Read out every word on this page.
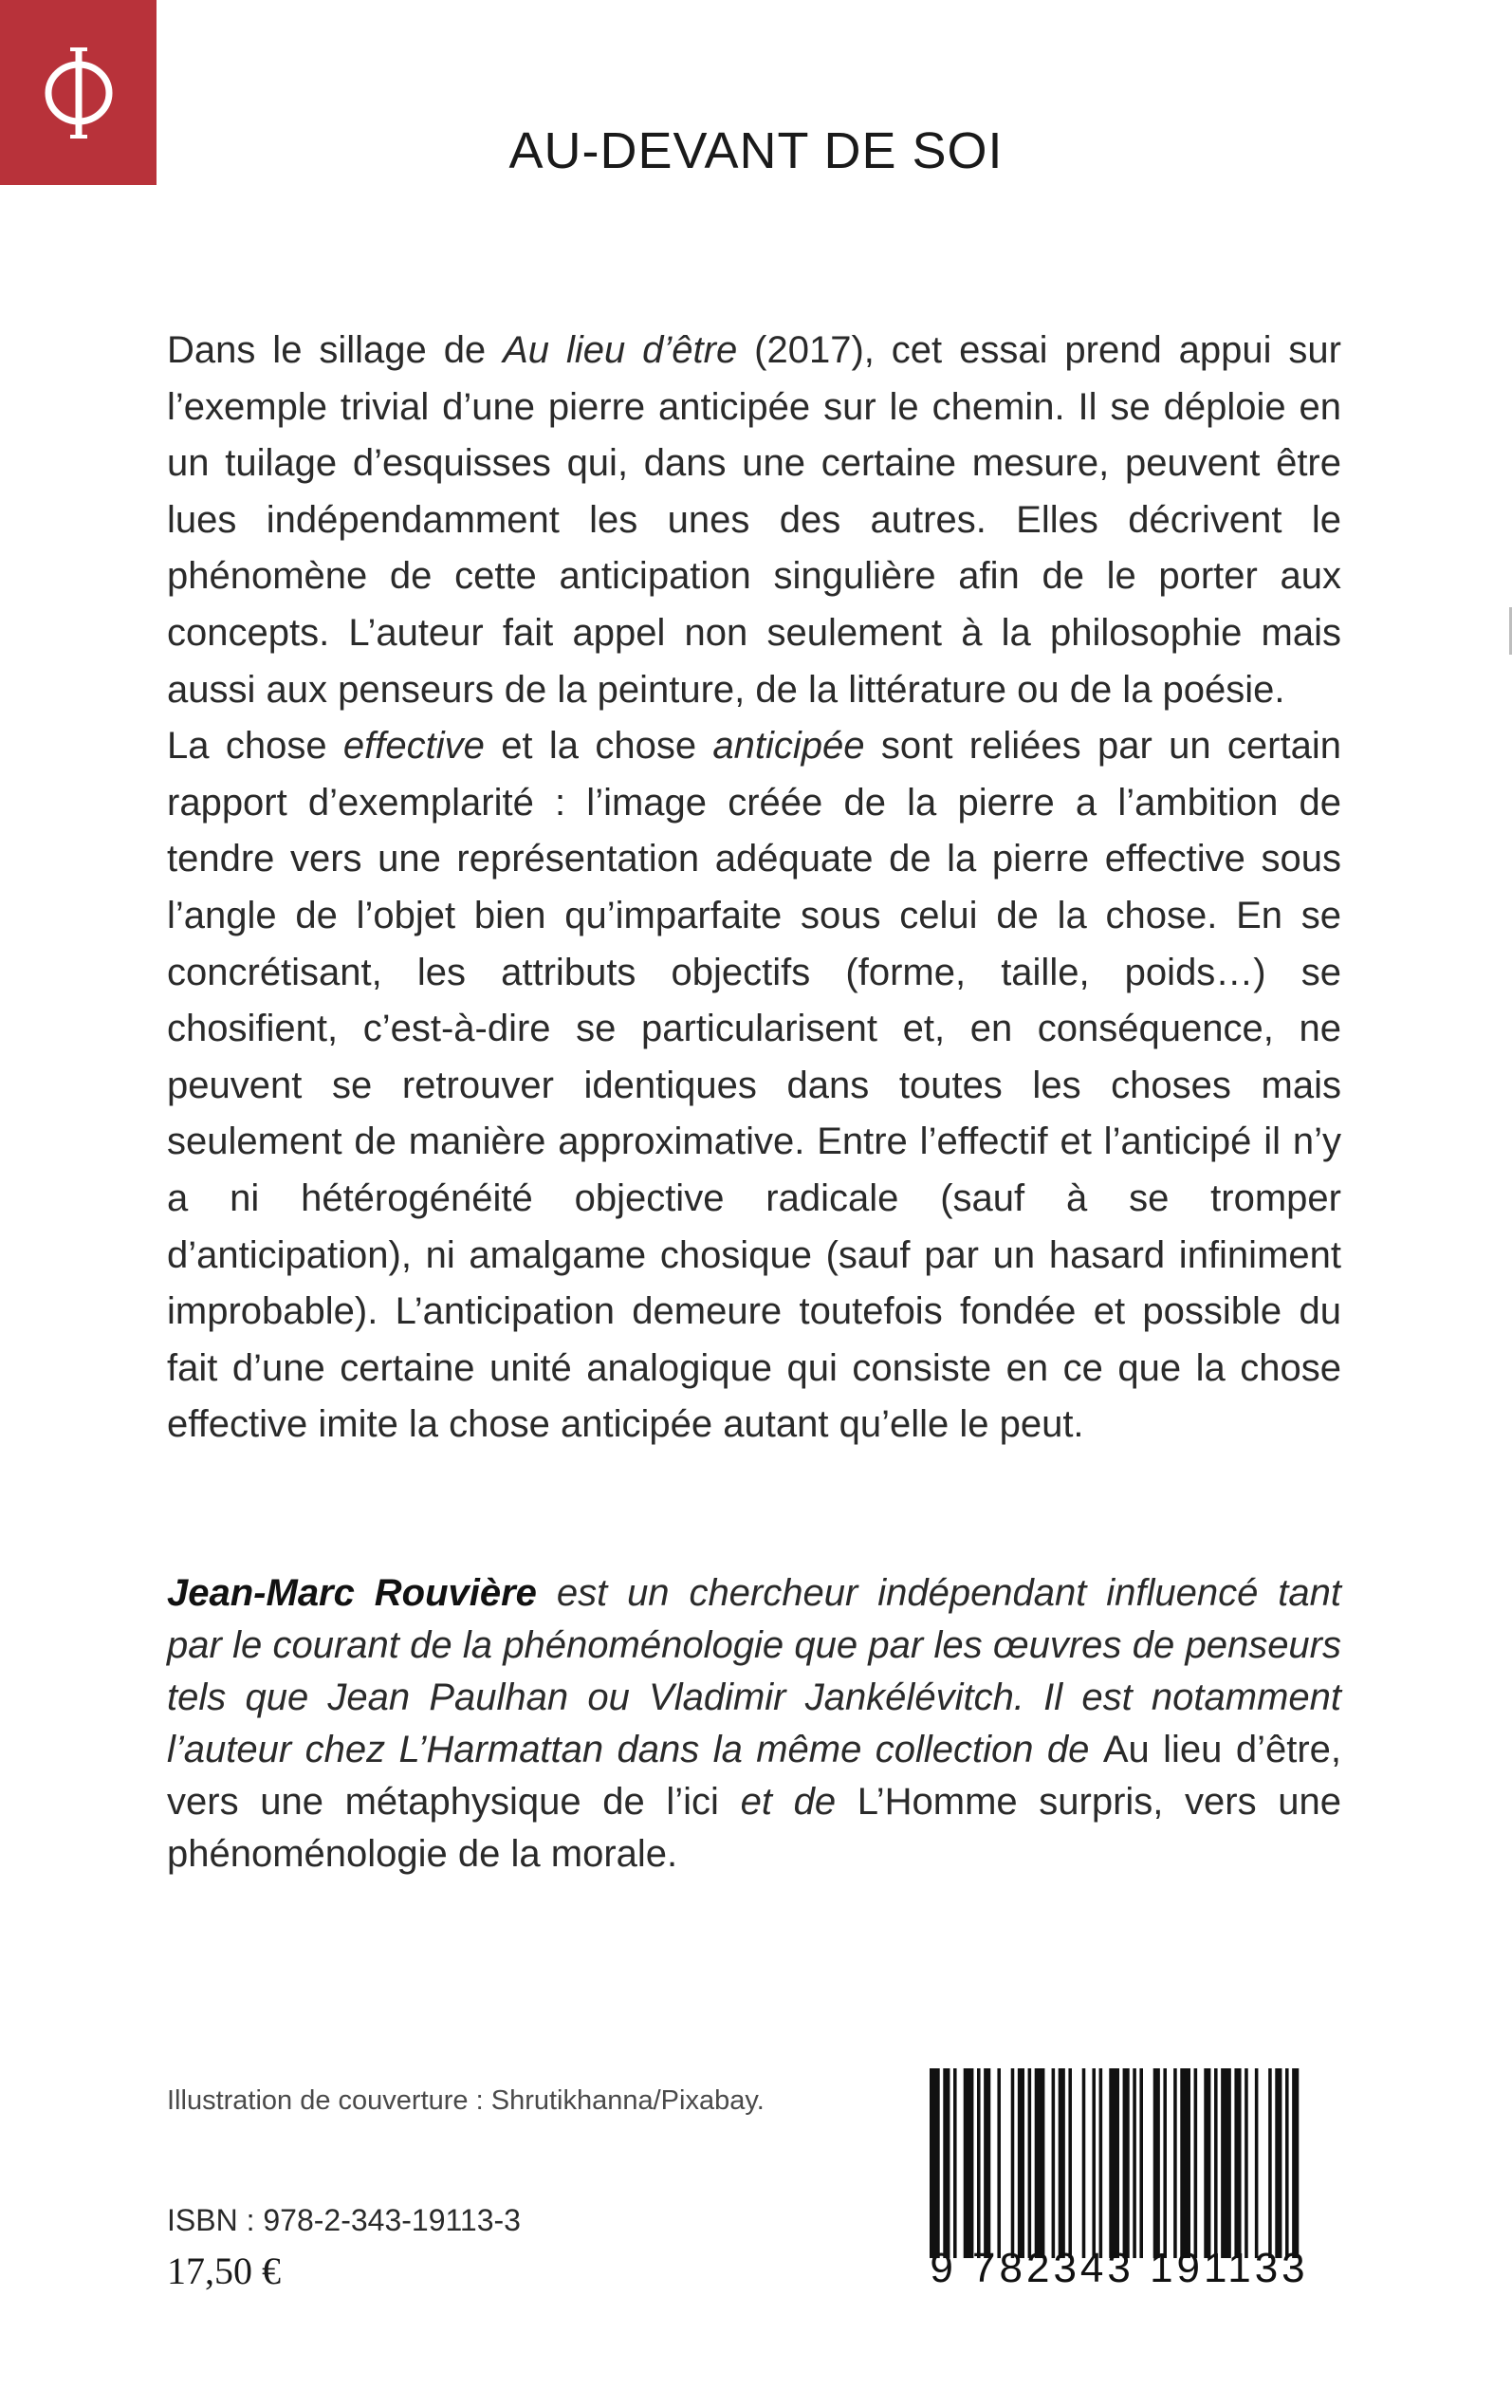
AU-DEVANT DE SOI

Dans le sillage de Au lieu d’être (2017), cet essai prend appui sur l’exemple trivial d’une pierre anticipée sur le chemin. Il se déploie en un tuilage d’esquisses qui, dans une certaine mesure, peuvent être lues indépendamment les unes des autres. Elles décrivent le phénomène de cette anticipation singulière afin de le porter aux concepts. L’auteur fait appel non seulement à la philosophie mais aussi aux penseurs de la peinture, de la littérature ou de la poésie.

La chose effective et la chose anticipée sont reliées par un certain rapport d’exemplarité : l’image créée de la pierre a l’ambition de tendre vers une représentation adéquate de la pierre effective sous l’angle de l’objet bien qu’imparfaite sous celui de la chose. En se concrétisant, les attributs objectifs (forme, taille, poids…) se chosifient, c’est-à-dire se particularisent et, en conséquence, ne peuvent se retrouver identiques dans toutes les choses mais seulement de manière approximative. Entre l’effectif et l’anticipé il n’y a ni hétérogénéité objective radicale (sauf à se tromper d’anticipation), ni amalgame chosique (sauf par un hasard infiniment improbable). L’anticipation demeure toutefois fondée et possible du fait d’une certaine unité analogique qui consiste en ce que la chose effective imite la chose anticipée autant qu’elle le peut.

Jean-Marc Rouvière est un chercheur indépendant influencé tant par le courant de la phénoménologie que par les œuvres de penseurs tels que Jean Paulhan ou Vladimir Jankélévitch. Il est notamment l’auteur chez L’Harmattan dans la même collection de Au lieu d’être, vers une métaphysique de l’ici et de L’Homme surpris, vers une phénoménologie de la morale.

Illustration de couverture : Shrutikhanna/Pixabay.
ISBN : 978-2-343-19113-3
17,50 €	9 782343 191133
